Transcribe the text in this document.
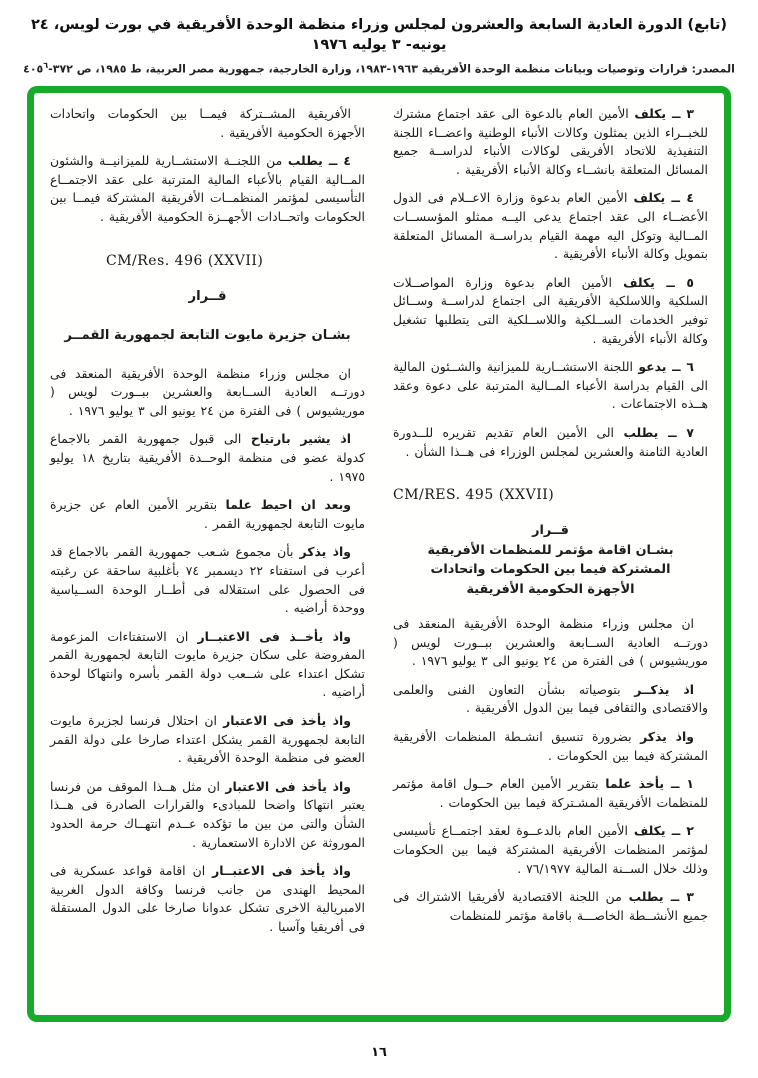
(تابع) الدورة العادية السابعة والعشرون لمجلس وزراء منظمة الوحدة الأفريقية في بورت لويس، ٢٤ يونيه- ٣ يوليه ١٩٧٦
المصدر: قرارات وتوصيات وبيانات منظمة الوحدة الأفريقية ١٩٦٣-١٩٨٣، وزارة الخارجية، جمهورية مصر العربية، ط ١٩٨٥، ص $٣٧٢-٤٠٥^٦$

٣ ــ يكلف الأمين العام بالدعوة الى عقد اجتماع مشترك للخبــراء الذين يمثلون وكالات الأنباء الوطنية واعضــاء اللجنة التنفيذية للاتحاد الأفريقى لوكالات الأنباء لدراســة جميع المسائل المتعلقة بانشــاء وكالة الأنباء الأفريقية .

٤ ــ يكلف الأمين العام بدعوة وزارة الاعــلام فى الدول الأعضــاء الى عقد اجتماع يدعى اليــه ممثلو المؤسســات المــالية وتوكل اليه مهمة القيام بدراســة المسائل المتعلقة بتمويل وكالة الأنباء الأفريقية .

٥ ــ يكلف الأمين العام بدعوة وزارة المواصــلات السلكية واللاسلكية الأفريقية الى اجتماع لدراســة وســائل توفير الخدمات الســلكية واللاســلكية التى يتطلبها تشغيل وكالة الأنباء الأفريقية .

٦ ــ يدعو اللجنة الاستشــارية للميزانية والشــئون المالية الى القيام بدراسة الأعباء المــالية المترتبة على دعوة وعقد هــذه الاجتماعات .

٧ ــ يطلب الى الأمين العام تقديم تقريره للــدورة العادية الثامنة والعشرين لمجلس الوزراء فى هــذا الشأن .

CM/RES. 495 (XXVII)
قــرار
بشـان اقامة مؤتمر للمنظمات الأفريقية
المشتركة فيما بين الحكومات واتحادات
الأجهزة الحكومية الأفريقية

ان مجلس وزراء منظمة الوحدة الأفريقية المنعقد فى دورتــه العادية الســابعة والعشرين ببــورت لويس ( موريشيوس ) فى الفترة من ٢٤ يونيو الى ٣ يوليو ١٩٧٦ .

اذ يذكــر بتوصياته بشأن التعاون الفنى والعلمى والاقتصادى والثقافى فيما بين الدول الأفريقية .

واذ يذكر بضرورة تنسيق انشـطة المنظمات الأفريقية المشتركة فيما بين الحكومات .

١ ــ يأخذ علما بتقرير الأمين العام حــول اقامة مؤتمر للمنظمات الأفريقية المشـتركة فيما بين الحكومات .

٢ ــ يكلف الأمين العام بالدعــوة لعقد اجتمــاع تأسيسى لمؤتمر المنظمات الأفريقية المشتركة فيما بين الحكومات وذلك خلال الســنة المالية ٧٦/١٩٧٧ .

٣ ــ يطلب من اللجنة الاقتصادية لأفريقيا الاشتراك فى جميع الأنشــطة الخاصـــة باقامة مؤتمر للمنظمات

الأفريقية المشــتركة فيمــا بين الحكومات واتحادات الأجهزة الحكومية الأفريقية .

٤ ــ يطلب من اللجنــة الاستشــارية للميزانيــة والشئون المــالية القيام بالأعباء المالية المترتبة على عقد الاجتمــاع التأسيسى لمؤتمر المنظمــات الأفريقية المشتركة فيمــا بين الحكومات واتحــادات الأجهــزة الحكومية الأفريقية .

CM/Res. 496 (XXVII)
قــرار
بشـان جزيرة مايوت التابعة لجمهورية القمــر

ان مجلس وزراء منظمة الوحدة الأفريقية المنعقد فى دورتــه العادية الســابعة والعشرين ببــورت لويس ( موريشيوس ) فى الفترة من ٢٤ يونيو الى ٣ يوليو ١٩٧٦ .

اذ يشير بارتياح الى قبول جمهورية القمر بالاجماع كدولة عضو فى منظمة الوحــدة الأفريقية بتاريخ ١٨ يوليو ١٩٧٥ .

وبعد ان احيط علما بتقرير الأمين العام عن جزيرة مايوت التابعة لجمهورية القمر .

واذ يذكر بأن مجموع شـعب جمهورية القمر بالاجماع قد أعرب فى استفتاء ٢٢ ديسمبر ٧٤ بأغلبية ساحقة عن رغبته فى الحصول على استقلاله فى أطــار الوحدة الســياسية ووحدة أراضيه .

واذ يأخــذ فى الاعتبــار ان الاستفتاءات المزعومة المفروضة على سكان جزيرة مايوت التابعة لجمهورية القمر تشكل اعتداء على شــعب دولة القمر بأسره وانتهاكا لوحدة أراضيه .

واذ يأخذ فى الاعتبار ان احتلال فرنسا لجزيرة مايوت التابعة لجمهورية القمر يشكل اعتداء صارخا على دولة القمر العضو فى منظمة الوحدة الأفريقية .

واذ يأخذ فى الاعتبار ان مثل هــذا الموقف من فرنسا يعتبر انتهاكا واضحا للمبادىء والقرارات الصادرة فى هــذا الشأن والتى من بين ما تؤكده عــدم انتهــاك حرمة الحدود الموروثة عن الادارة الاستعمارية .

واذ يأخذ فى الاعتبــار ان اقامة قواعد عسكرية فى المحيط الهندى من جانب فرنسا وكافة الدول الغربية الامبريالية الاخرى تشكل عدوانا صارخا على الدول المستقلة فى أفريقيا وآسيا .

١٦
